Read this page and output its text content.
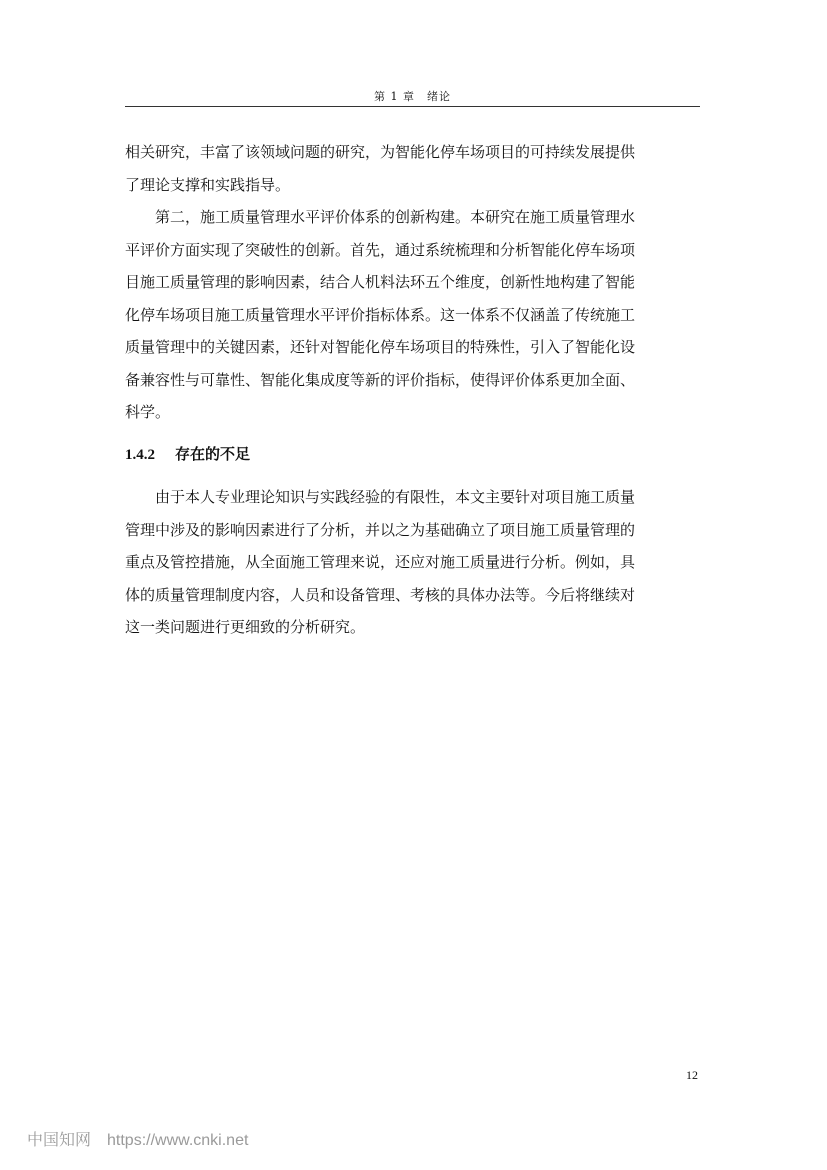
第 1 章　绪论
相关研究，丰富了该领域问题的研究，为智能化停车场项目的可持续发展提供
了理论支撑和实践指导。
第二，施工质量管理水平评价体系的创新构建。本研究在施工质量管理水
平评价方面实现了突破性的创新。首先，通过系统梳理和分析智能化停车场项
目施工质量管理的影响因素，结合人机料法环五个维度，创新性地构建了智能
化停车场项目施工质量管理水平评价指标体系。这一体系不仅涵盖了传统施工
质量管理中的关键因素，还针对智能化停车场项目的特殊性，引入了智能化设
备兼容性与可靠性、智能化集成度等新的评价指标，使得评价体系更加全面、
科学。
1.4.2 存在的不足
由于本人专业理论知识与实践经验的有限性，本文主要针对项目施工质量
管理中涉及的影响因素进行了分析，并以之为基础确立了项目施工质量管理的
重点及管控措施，从全面施工管理来说，还应对施工质量进行分析。例如，具
体的质量管理制度内容，人员和设备管理、考核的具体办法等。今后将继续对
这一类问题进行更细致的分析研究。
12
中国知网 https://www.cnki.net
